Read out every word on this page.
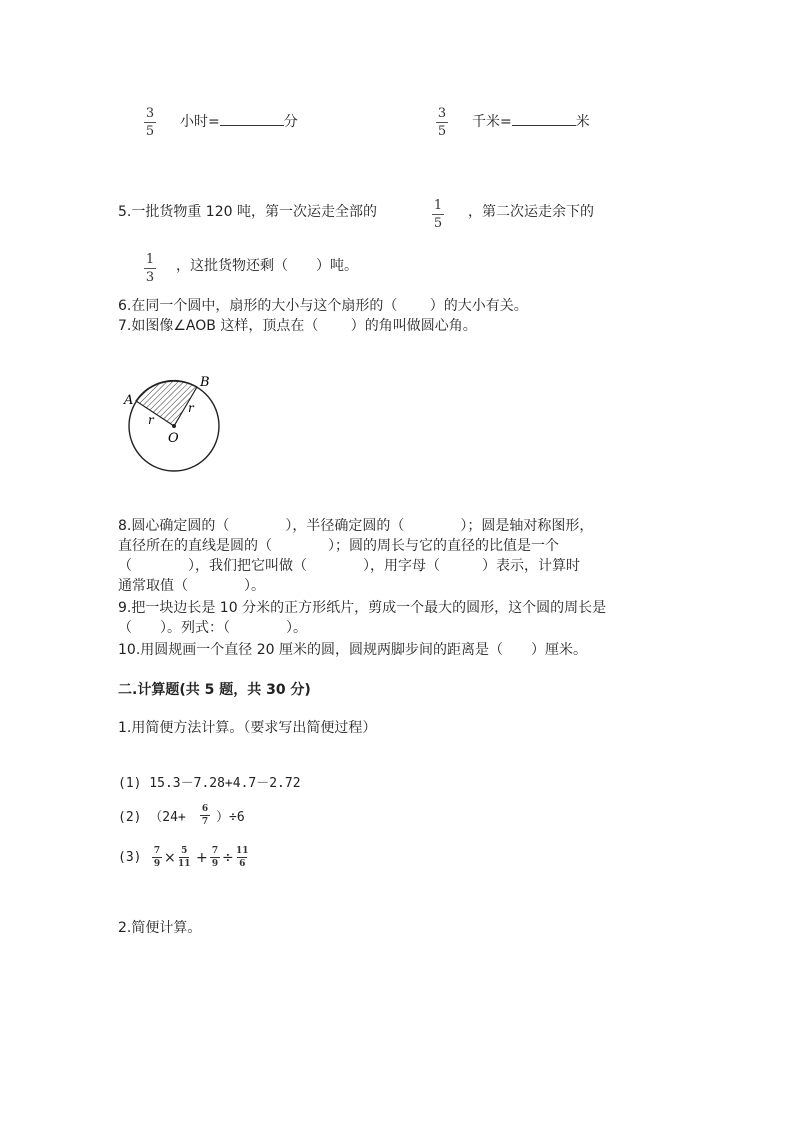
3
5
小时=	分
3
5
千米=	米
5.一批货物重 120 吨，第一次运走全部的	1
5
，第二次运走余下的
1
3
，这批货物还剩（　　）吨。
6.在同一个圆中，扇形的大小与这个扇形的（　　 ）的大小有关。
7.如图像∠AOB 这样，顶点在（　　 ）的角叫做圆心角。
A
B
O
r
r
8.圆心确定圆的（　　　　），半径确定圆的（　　　　）；圆是轴对称图形，
直径所在的直线是圆的（　　　　）；圆的周长与它的直径的比值是一个
（　　　　），我们把它叫做（　　　　），用字母（　　　）表示，计算时
通常取值（　　　　）。
9.把一块边长是 10 分米的正方形纸片，剪成一个最大的圆形，这个圆的周长是
（　　）。列式：（　　　　）。
10.用圆规画一个直径 20 厘米的圆，圆规两脚步间的距离是（　　）厘米。
二.计算题(共 5 题，共 30 分)
1.用简便方法计算。（要求写出简便过程）
(1) 15.3－7.28+4.7－2.72
(2) （24+
6
7 ）÷6
(3) 7
9 × 5
11 + 7
9 ÷ 11
6
2.简便计算。
